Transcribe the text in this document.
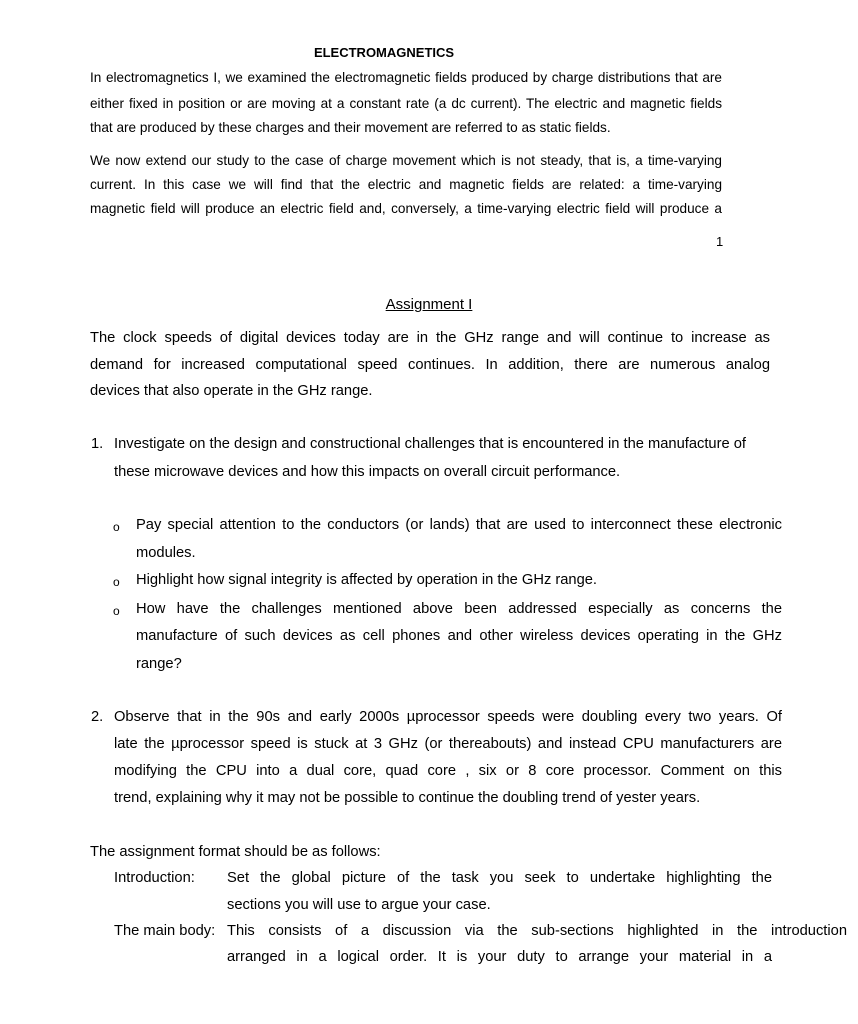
ELECTROMAGNETICS
In electromagnetics I, we examined the electromagnetic fields produced by charge distributions that are
either fixed in position or are moving at a constant rate (a dc current). The electric and magnetic fields
that are produced by these charges and their movement are referred to as static fields.
We now extend our study to the case of charge movement which is not steady, that is, a time-varying
current. In this case we will find that the electric and magnetic fields are related: a time-varying
magnetic field will produce an electric field and, conversely, a time-varying electric field will produce a
1
Assignment I
The clock speeds of digital devices today are in the GHz range and will continue to increase as
demand for increased computational speed continues. In addition, there are numerous analog
devices that also operate in the GHz range.
1. Investigate on the design and constructional challenges that is encountered in the manufacture of
these microwave devices and how this impacts on overall circuit performance.
o Pay special attention to the conductors (or lands) that are used to interconnect these electronic
modules.
o Highlight how signal integrity is affected by operation in the GHz range.
o How have the challenges mentioned above been addressed especially as concerns the
manufacture of such devices as cell phones and other wireless devices operating in the GHz
range?
2. Observe that in the 90s and early 2000s µprocessor speeds were doubling every two years. Of
late the µprocessor speed is stuck at 3 GHz (or thereabouts) and instead CPU manufacturers are
modifying the CPU into a dual core, quad core , six or 8 core processor. Comment on this
trend, explaining why it may not be possible to continue the doubling trend of yester years.
The assignment format should be as follows:
Introduction: Set the global picture of the task you seek to undertake highlighting the
sections you will use to argue your case.
The main body: This consists of a discussion via the sub-sections highlighted in the introduction
arranged in a logical order. It is your duty to arrange your material in a
